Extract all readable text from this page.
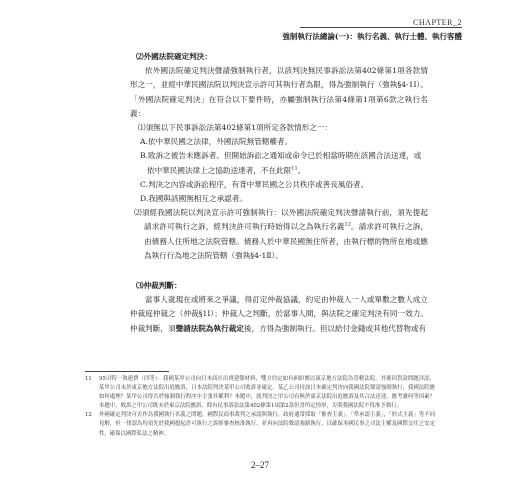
CHAPTER_2
強制執行法總論(一)：執行名義、執行士體、執行客體
⑵外國法院確定判決：
依外國法院確定判決聲請強制執行者，以該判決無民事訴訟法第402條第1項各款情形之一，並經中華民國法院以判決宣示許可其執行者為限，得為強制執行（強執§4-1Ⅰ）。「外國法院確定判決」在符合以下要件時，亦屬強制執行法第4條第1項第6款之執行名義：
⑴須無以下民事訴訟法第402條第1項所定各款情形之一：
A.依中華民國之法律，外國法院無管轄權者。
B.敗訴之被告未應訴者。但開始訴訟之通知或命令已於相當時期在該國合法送達，或依中華民國法律上之協助送達者，不在此限$^{11}$。
C.判決之內容或訴訟程序，有背中華民國之公共秩序或善良風俗者。
D.我國與該國無相互之承認者。
⑵須經我國法院以判決宣示許可強制執行：以外國法院確定判決聲請執行前，須先提起請求許可執行之訴，經判決許可執行時始得以之為執行名義$^{12}$。請求許可執行之訴，由債務人住所地之法院管轄。債務人於中華民國無住所者，由執行標的物所在地或應為執行行為地之法院管轄（強執§4-1Ⅱ）。
⑶仲裁判斷：
當事人就現在或將來之爭議，得訂定仲裁協議，約定由仲裁人一人或單數之數人成立仲裁庭仲裁之（仲裁§1Ⅰ）；仲裁人之判斷，於當事人間，與法院之確定判決有同一效力。仲裁判斷，須聲請法院為執行裁定後，方得為強制執行。但以給付金錢或其他代替物或有
11	95司特一執連費（四等）：我國某甲公司向日本商社出賣建築材料，雙方約定如有糾紛應以東京地方法院為管轄法院。其後因貨款問題涉訟，某甲公司未於東京地方法院出庭應訴，日本法院判決某甲公司敗訴並確定。某乙公司持該日本確定判決向我國法院聲請強制執行，我國法院應如何處理？某甲公司得否於強制執行程序中主張其權利？本題中，就判決之甲公司有無於東京法院出庭應訴及其合法送達，應考慮何等因素？本題中，敗訴之甲公司既未於東京法院應訴，除有民事訴訟法第402條第1項第2款但書所定情形，否則我國法院不得准予執行。
12	外國確定判決可否作為我國執行名義之問題，國際民商事裁判之承認與執行，政府通常採取「審查主義」，「準承認主義」，「形式主義」等不同見解，但一律認為均須先於我國提起許可執行之訴經審查核准執行，並再向法院聲請強制執行，以確保本國民事之司法主權及國際交往之安定性，確保以國際私法之精神。
2–27
